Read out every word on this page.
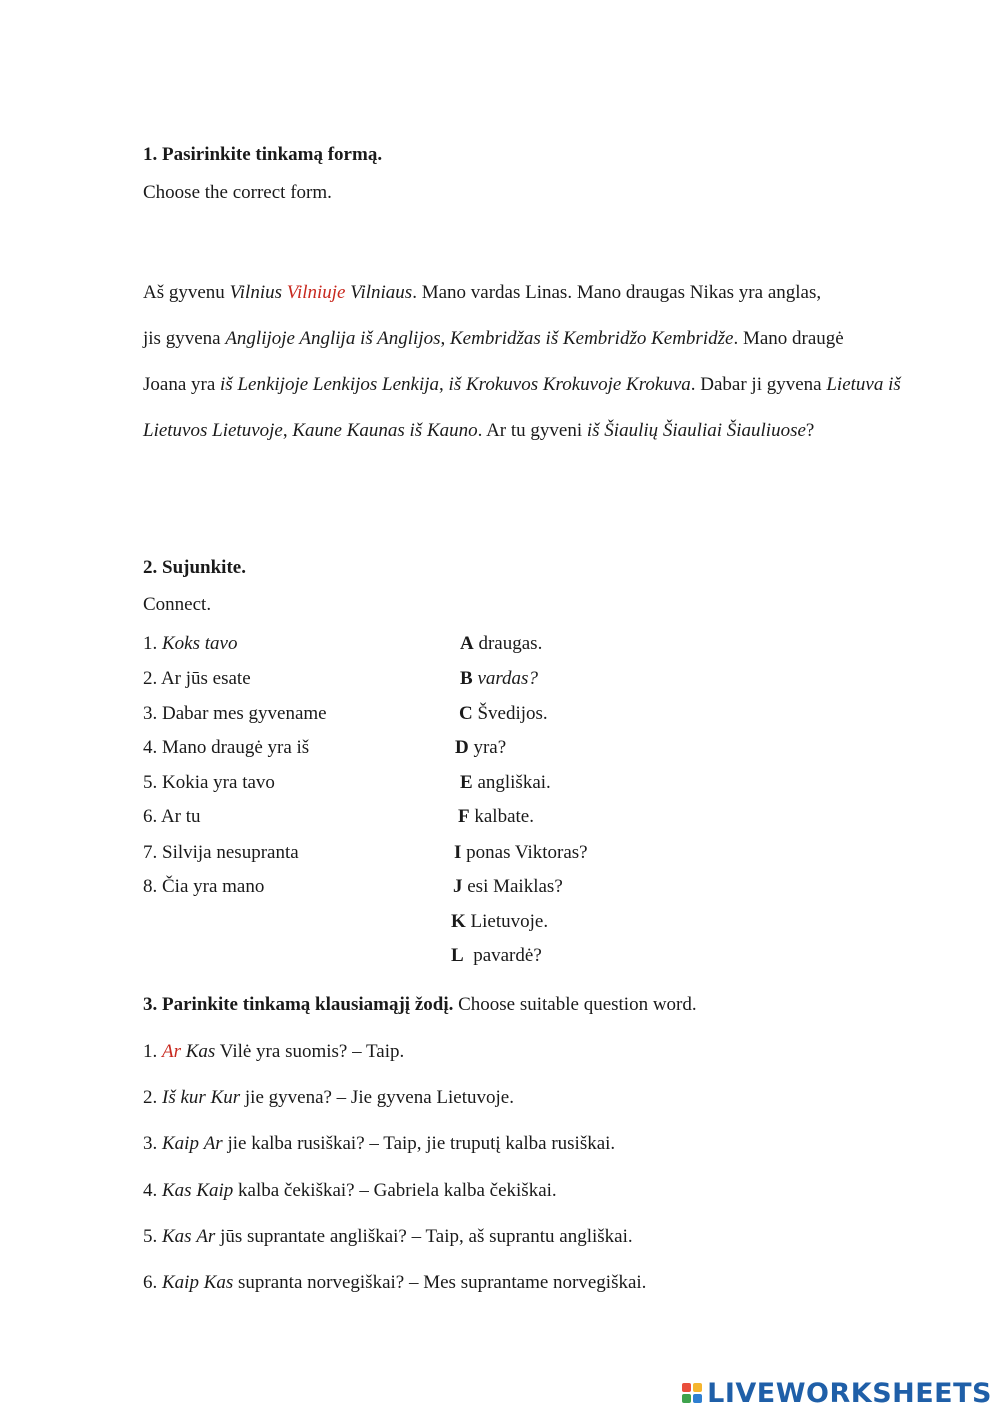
1. Pasirinkite tinkamą formą.
Choose the correct form.
Aš gyvenu Vilnius Vilniuje Vilniaus. Mano vardas Linas. Mano draugas Nikas yra anglas,
jis gyvena Anglijoje Anglija iš Anglijos, Kembridžas iš Kembridžo Kembridže. Mano draugė
Joana yra iš Lenkijoje Lenkijos Lenkija, iš Krokuvos Krokuvoje Krokuva. Dabar ji gyvena Lietuva iš
Lietuvos Lietuvoje, Kaune Kaunas iš Kauno. Ar tu gyveni iš Šiaulių Šiauliai Šiauliuose?
2. Sujunkite.
Connect.
1. Koks tavo
2. Ar jūs esate
3. Dabar mes gyvename
4. Mano draugė yra iš
5. Kokia yra tavo
6. Ar tu
7. Silvija nesupranta
8. Čia yra mano
A draugas.
B vardas?
C Švedijos.
D yra?
E angliškai.
F kalbate.
I ponas Viktoras?
J esi Maiklas?
K Lietuvoje.
L  pavardė?
3. Parinkite tinkamą klausiamąjį žodį. Choose suitable question word.
1. Ar Kas Vilė yra suomis? – Taip.
2. Iš kur Kur jie gyvena? – Jie gyvena Lietuvoje.
3. Kaip Ar jie kalba rusiškai? – Taip, jie truputį kalba rusiškai.
4. Kas Kaip kalba čekiškai? – Gabriela kalba čekiškai.
5. Kas Ar jūs suprantate angliškai? – Taip, aš suprantu angliškai.
6. Kaip Kas supranta norvegiškai? – Mes suprantame norvegiškai.
LIVEWORKSHEETS
